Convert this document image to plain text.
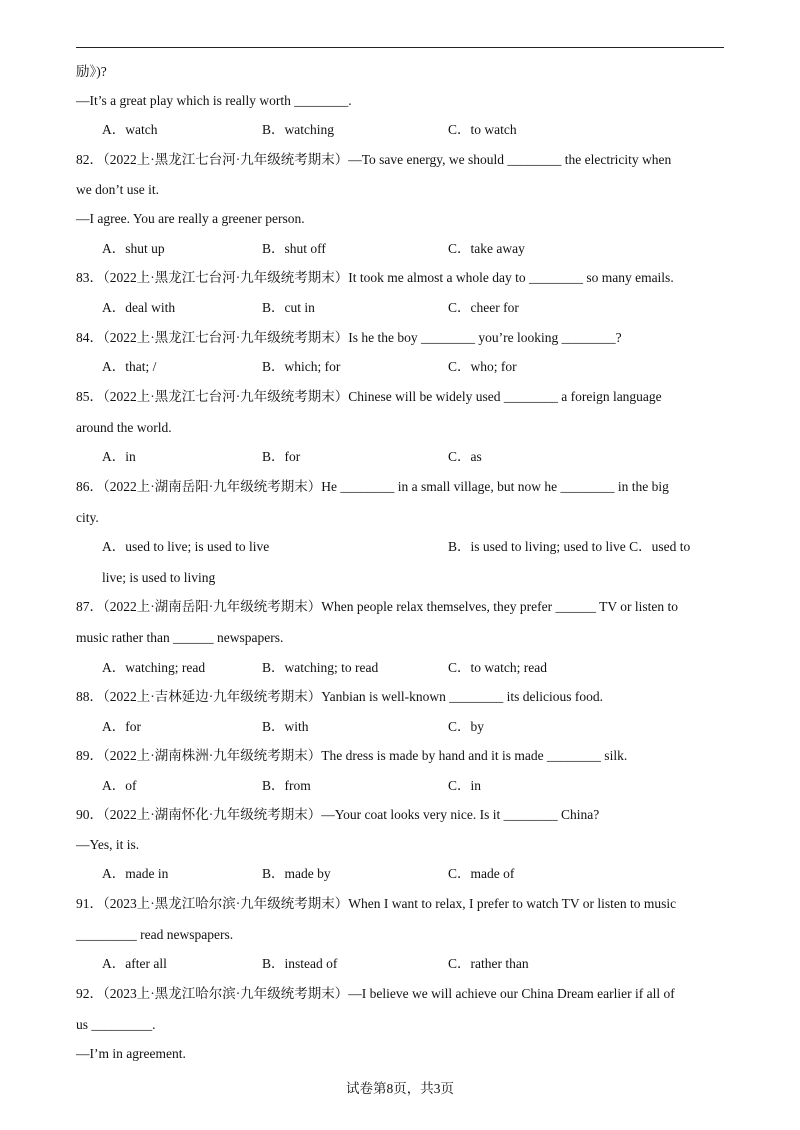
励》)?
—It’s a great play which is really worth ________.
A．watch	B．watching	C．to watch
82．（2022上·黑龙江七台河·九年级统考期末）—To save energy, we should ________ the electricity when
we don’t use it.
—I agree. You are really a greener person.
A．shut up	B．shut off	C．take away
83．（2022上·黑龙江七台河·九年级统考期末）It took me almost a whole day to ________ so many emails.
A．deal with	B．cut in	C．cheer for
84．（2022上·黑龙江七台河·九年级统考期末）Is he the boy ________ you’re looking ________?
A．that; /	B．which; for	C．who; for
85．（2022上·黑龙江七台河·九年级统考期末）Chinese will be widely used ________ a foreign language
around the world.
A．in	B．for	C．as
86．（2022上·湖南岳阳·九年级统考期末）He ________ in a small village, but now he ________ in the big
city.
A．used to live; is used to live	B．is used to living; used to live C．used to
live; is used to living
87．（2022上·湖南岳阳·九年级统考期末）When people relax themselves, they prefer ______ TV or listen to
music rather than ______ newspapers.
A．watching; read	B．watching; to read	C．to watch; read
88．（2022上·吉林延边·九年级统考期末）Yanbian is well-known ________ its delicious food.
A．for	B．with	C．by
89．（2022上·湖南株洲·九年级统考期末）The dress is made by hand and it is made ________ silk.
A．of	B．from	C．in
90．（2022上·湖南怀化·九年级统考期末）—Your coat looks very nice. Is it ________ China?
—Yes, it is.
A．made in	B．made by	C．made of
91．（2023上·黑龙江哈尔滨·九年级统考期末）When I want to relax, I prefer to watch TV or listen to music
_________ read newspapers.
A．after all	B．instead of	C．rather than
92．（2023上·黑龙江哈尔滨·九年级统考期末）—I believe we will achieve our China Dream earlier if all of
us _________.
—I’m in agreement.
试卷第8页，共3页
